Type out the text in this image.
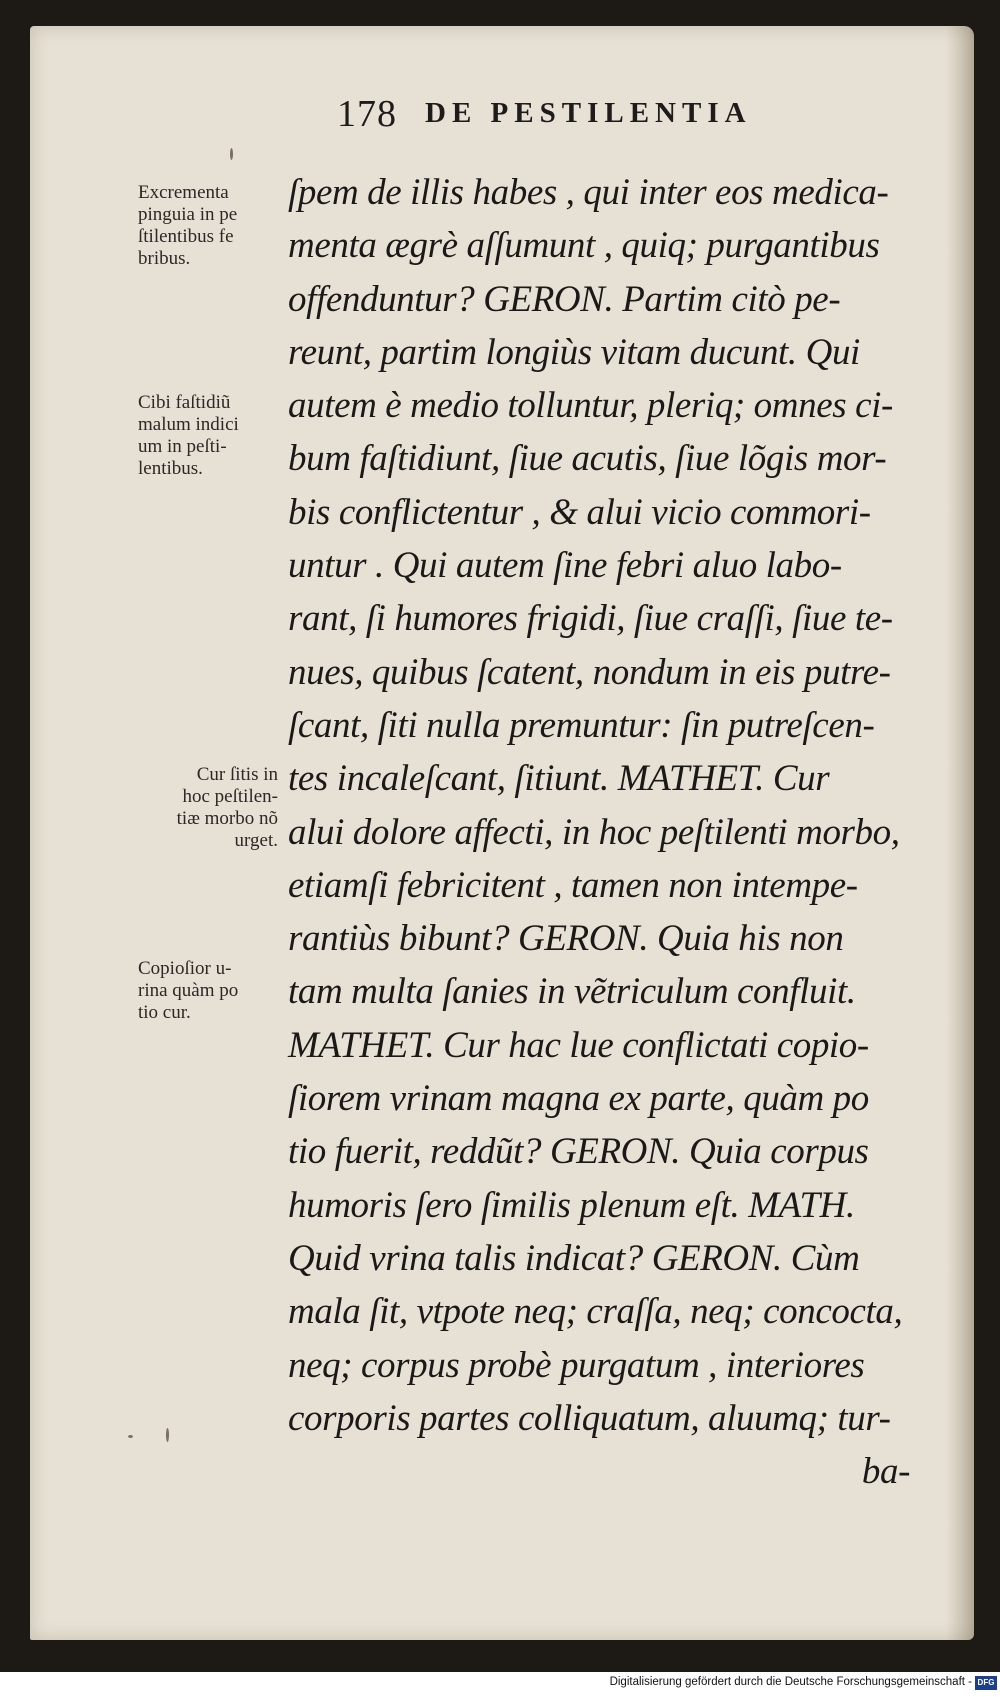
178 DE PESTILENTIA
Excrementa
pinguia in pe
ſtilentibus fe
bribus.
Cibi faſtidiũ
malum indici
um in peſti-
lentibus.
Cur ſitis in
hoc peſtilen-
tiæ morbo nõ
urget.
Copioſior u-
rina quàm po
tio cur.
ſpem de illis habes , qui inter eos medica-
menta ægrè aſſumunt , quiq; purgantibus
offenduntur? GERON. Partim citò pe-
reunt, partim longiùs vitam ducunt. Qui
autem è medio tolluntur, pleriq; omnes ci-
bum faſtidiunt, ſiue acutis, ſiue lõgis mor-
bis conflictentur , & alui vicio commori-
untur . Qui autem ſine febri aluo labo-
rant, ſi humores frigidi, ſiue craſſi, ſiue te-
nues, quibus ſcatent, nondum in eis putre-
ſcant, ſiti nulla premuntur: ſin putreſcen-
tes incaleſcant, ſitiunt. MATHET. Cur
alui dolore affecti, in hoc peſtilenti morbo,
etiamſi febricitent , tamen non intempe-
rantiùs bibunt? GERON. Quia his non
tam multa ſanies in vẽtriculum confluit.
MATHET. Cur hac lue conflictati copio-
ſiorem vrinam magna ex parte, quàm po
tio fuerit, reddũt? GERON. Quia corpus
humoris ſero ſimilis plenum eſt. MATH.
Quid vrina talis indicat? GERON. Cùm
mala ſit, vtpote neq; craſſa, neq; concocta,
neq; corpus probè purgatum , interiores
corporis partes colliquatum, aluumq; tur-
ba-
Digitalisierung gefördert durch die Deutsche Forschungsgemeinschaft - DFG
